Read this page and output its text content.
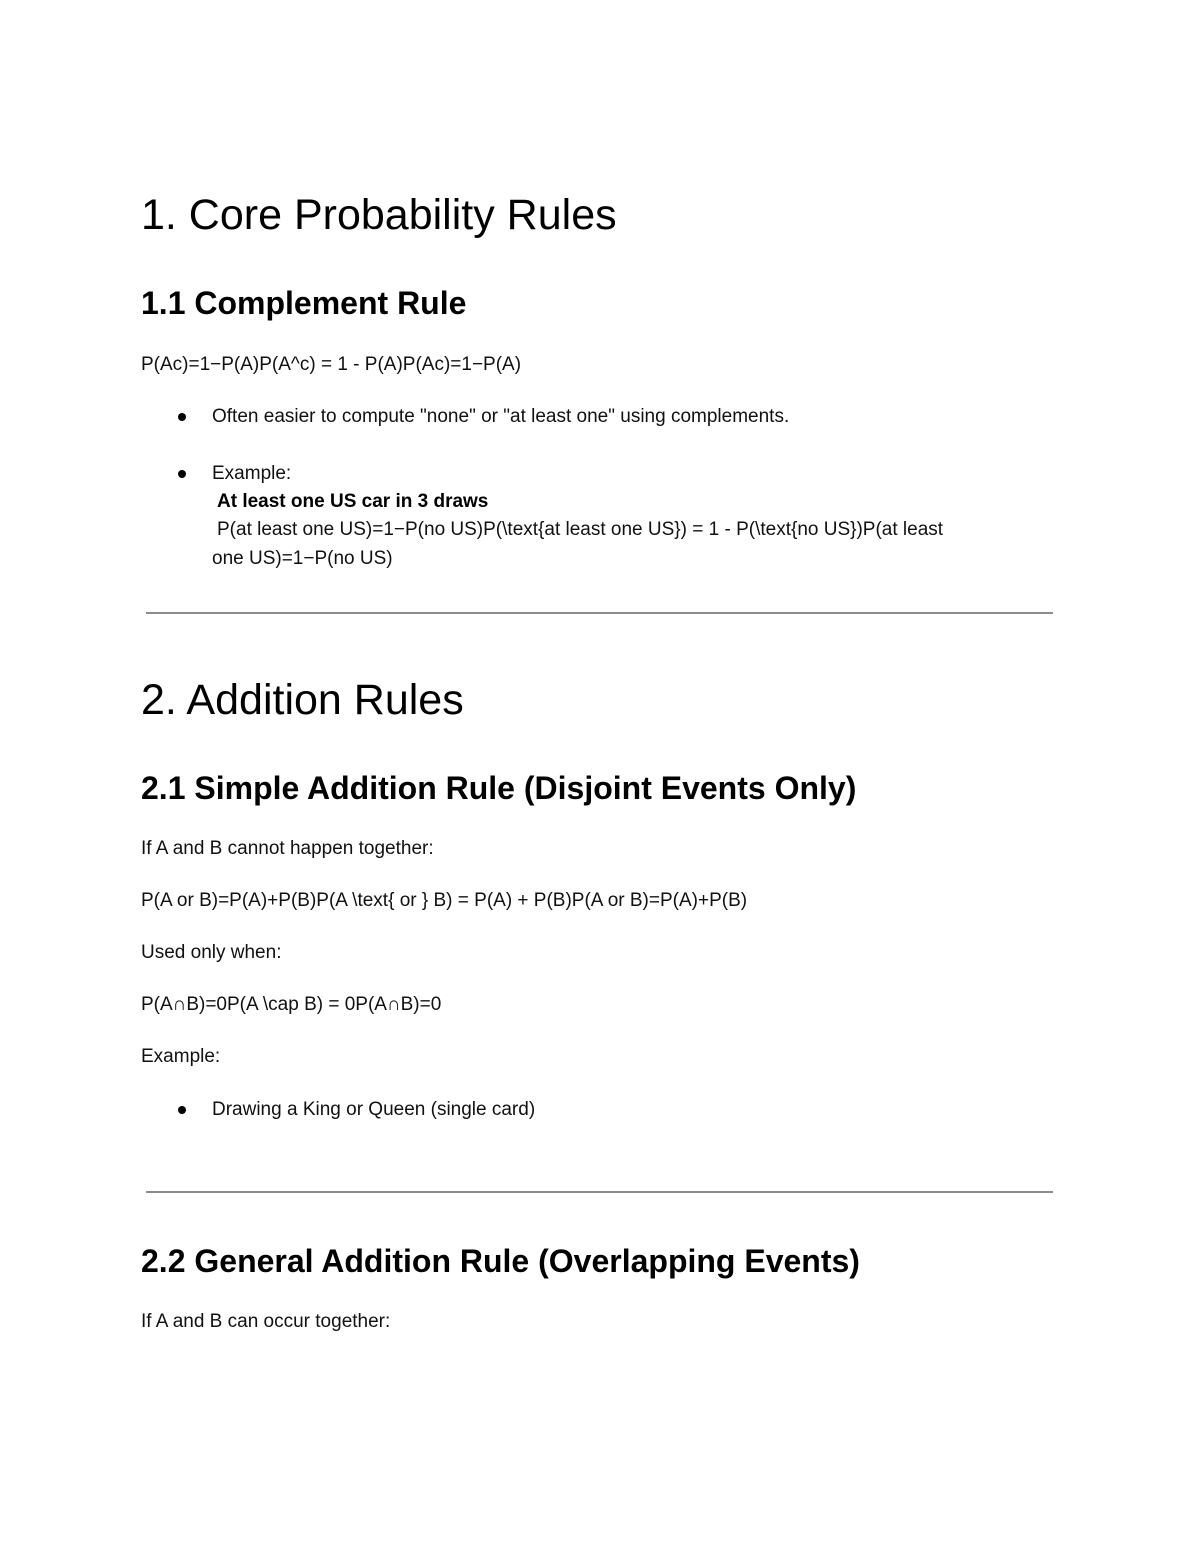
1. Core Probability Rules
1.1 Complement Rule
P(Ac)=1−P(A)P(A^c) = 1 - P(A)P(Ac)=1−P(A)
Often easier to compute "none" or "at least one" using complements.
Example:
At least one US car in 3 draws
P(at least one US)=1−P(no US)P(\text{at least one US}) = 1 - P(\text{no US})P(at least
one US)=1−P(no US)
2. Addition Rules
2.1 Simple Addition Rule (Disjoint Events Only)
If A and B cannot happen together:
P(A or B)=P(A)+P(B)P(A \text{ or } B) = P(A) + P(B)P(A or B)=P(A)+P(B)
Used only when:
P(A∩B)=0P(A \cap B) = 0P(A∩B)=0
Example:
Drawing a King or Queen (single card)
2.2 General Addition Rule (Overlapping Events)
If A and B can occur together:
